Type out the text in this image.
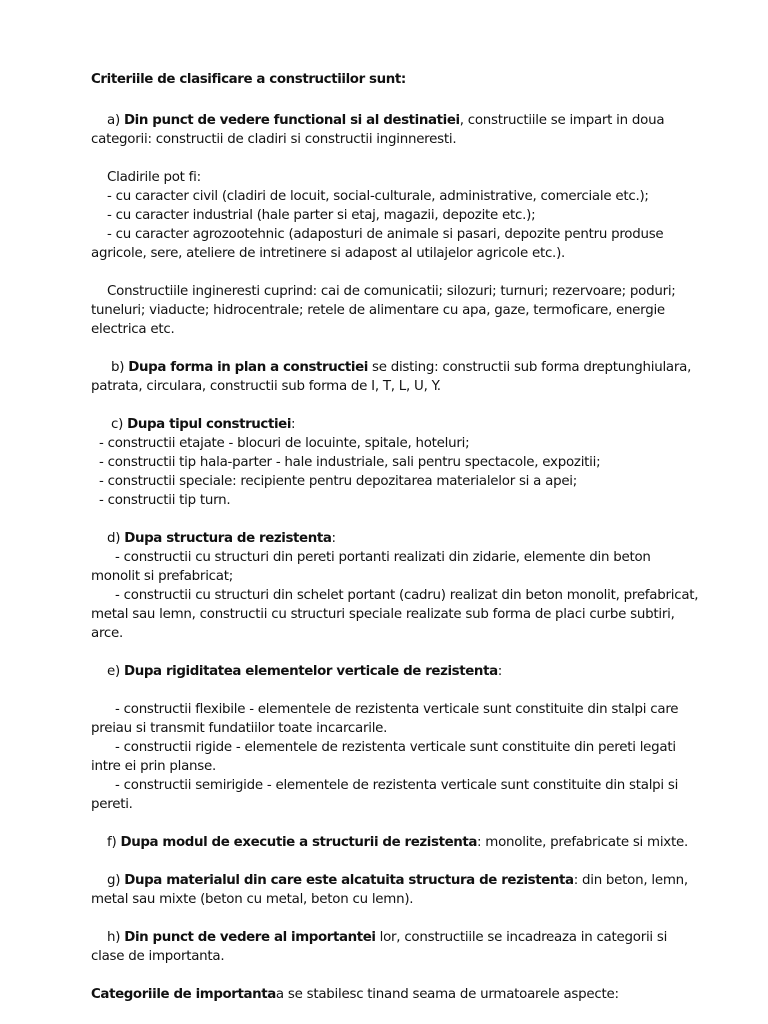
Criteriile de clasificare a constructiilor sunt:

a) Din punct de vedere functional si al destinatiei, constructiile se impart in doua categorii: constructii de cladiri si constructii inginneresti.

Cladirile pot fi:

- cu caracter civil (cladiri de locuit, social-culturale, administrative, comerciale etc.);

- cu caracter industrial (hale parter si etaj, magazii, depozite etc.);

- cu caracter agrozootehnic (adaposturi de animale si pasari, depozite pentru produse agricole, sere, ateliere de intretinere si adapost al utilajelor agricole etc.).

Constructiile ingineresti cuprind: cai de comunicatii; silozuri; turnuri; rezervoare; poduri; tuneluri; viaducte; hidrocentrale; retele de alimentare cu apa, gaze, termoficare, energie electrica etc.

b) Dupa forma in plan a constructiei se disting: constructii sub forma dreptunghiulara, patrata, circulara, constructii sub forma de I, T, L, U, Y.

c) Dupa tipul constructiei:

- constructii etajate - blocuri de locuinte, spitale, hoteluri;

- constructii tip hala-parter - hale industriale, sali pentru spectacole, expozitii;

- constructii speciale: recipiente pentru depozitarea materialelor si a apei;

- constructii tip turn.

d) Dupa structura de rezistenta:

- constructii cu structuri din pereti portanti realizati din zidarie, elemente din beton monolit si prefabricat;

- constructii cu structuri din schelet portant (cadru) realizat din beton monolit, prefabricat, metal sau lemn, constructii cu structuri speciale realizate sub forma de placi curbe subtiri, arce.

e) Dupa rigiditatea elementelor verticale de rezistenta:

- constructii flexibile - elementele de rezistenta verticale sunt constituite din stalpi care preiau si transmit fundatiilor toate incarcarile.

- constructii rigide - elementele de rezistenta verticale sunt constituite din pereti legati intre ei prin planse.

- constructii semirigide - elementele de rezistenta verticale sunt constituite din stalpi si pereti.

f) Dupa modul de executie a structurii de rezistenta: monolite, prefabricate si mixte.

g) Dupa materialul din care este alcatuita structura de rezistenta: din beton, lemn, metal sau mixte (beton cu metal, beton cu lemn).

h) Din punct de vedere al importantei lor, constructiile se incadreaza in categorii si clase de importanta.

Categoriile de importantaa se stabilesc tinand seama de urmatoarele aspecte:
